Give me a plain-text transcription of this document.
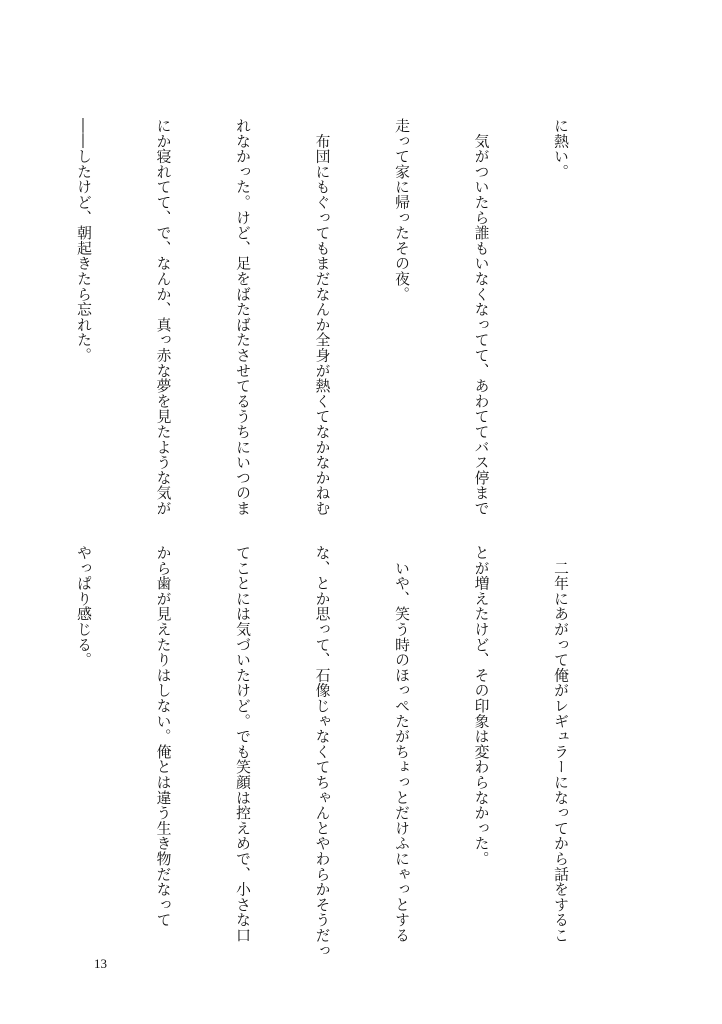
に熱い。

　気がついたら誰もいなくなってて、あわててバス停まで

走って家に帰ったその夜。

　布団にもぐってもまだなんか全身が熱くてなかなかねむ

れなかった。けど、足をばたばたさせてるうちにいつのま

にか寝れてて、で、なんか、真っ赤な夢を見たような気が

――したけど、朝起きたら忘れた。

　二年にあがって俺がレギュラーになってから話をするこ

とが増えたけど、その印象は変わらなかった。

　いや、笑う時のほっぺたがちょっとだけふにゃっとする

な、とか思って、石像じゃなくてちゃんとやわらかそうだっ

てことには気づいたけど。でも笑顔は控えめで、小さな口

から歯が見えたりはしない。俺とは違う生き物だなって

やっぱり感じる。

13
